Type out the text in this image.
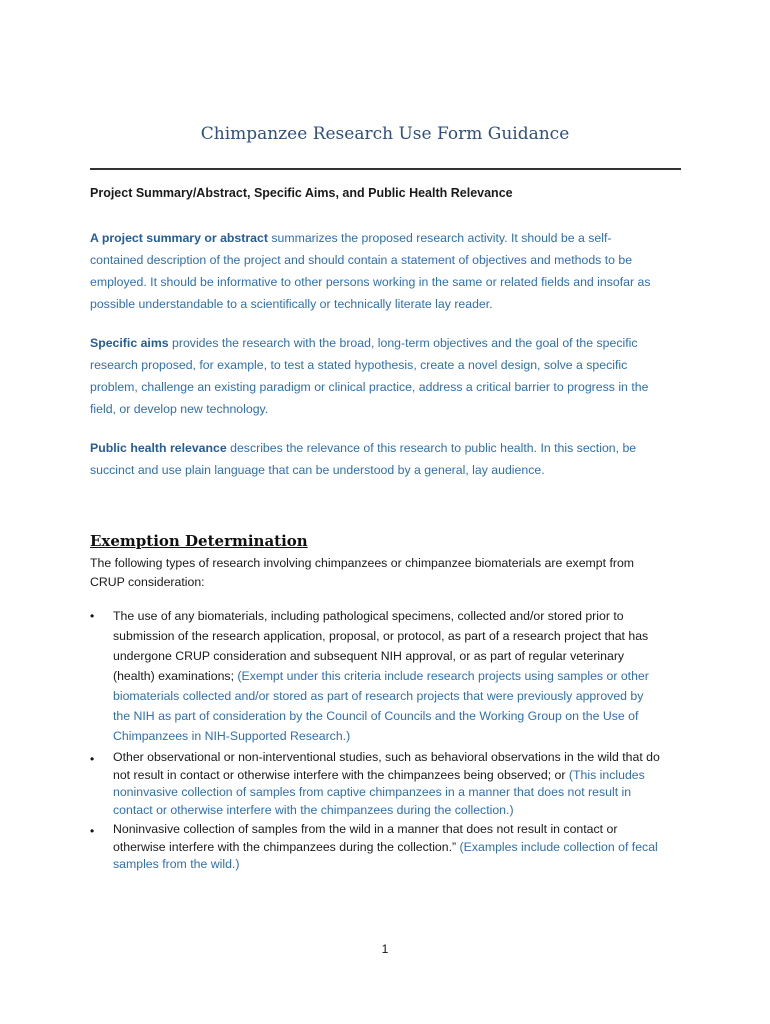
Chimpanzee Research Use Form Guidance
Project Summary/Abstract, Specific Aims, and Public Health Relevance
A project summary or abstract summarizes the proposed research activity. It should be a self-contained description of the project and should contain a statement of objectives and methods to be employed. It should be informative to other persons working in the same or related fields and insofar as possible understandable to a scientifically or technically literate lay reader.
Specific aims provides the research with the broad, long-term objectives and the goal of the specific research proposed, for example, to test a stated hypothesis, create a novel design, solve a specific problem, challenge an existing paradigm or clinical practice, address a critical barrier to progress in the field, or develop new technology.
Public health relevance describes the relevance of this research to public health. In this section, be succinct and use plain language that can be understood by a general, lay audience.
Exemption Determination
The following types of research involving chimpanzees or chimpanzee biomaterials are exempt from CRUP consideration:
• The use of any biomaterials, including pathological specimens, collected and/or stored prior to submission of the research application, proposal, or protocol, as part of a research project that has undergone CRUP consideration and subsequent NIH approval, or as part of regular veterinary (health) examinations; (Exempt under this criteria include research projects using samples or other biomaterials collected and/or stored as part of research projects that were previously approved by the NIH as part of consideration by the Council of Councils and the Working Group on the Use of Chimpanzees in NIH-Supported Research.)
• Other observational or non-interventional studies, such as behavioral observations in the wild that do not result in contact or otherwise interfere with the chimpanzees being observed; or (This includes noninvasive collection of samples from captive chimpanzees in a manner that does not result in contact or otherwise interfere with the chimpanzees during the collection.)
• Noninvasive collection of samples from the wild in a manner that does not result in contact or otherwise interfere with the chimpanzees during the collection.” (Examples include collection of fecal samples from the wild.)
1
